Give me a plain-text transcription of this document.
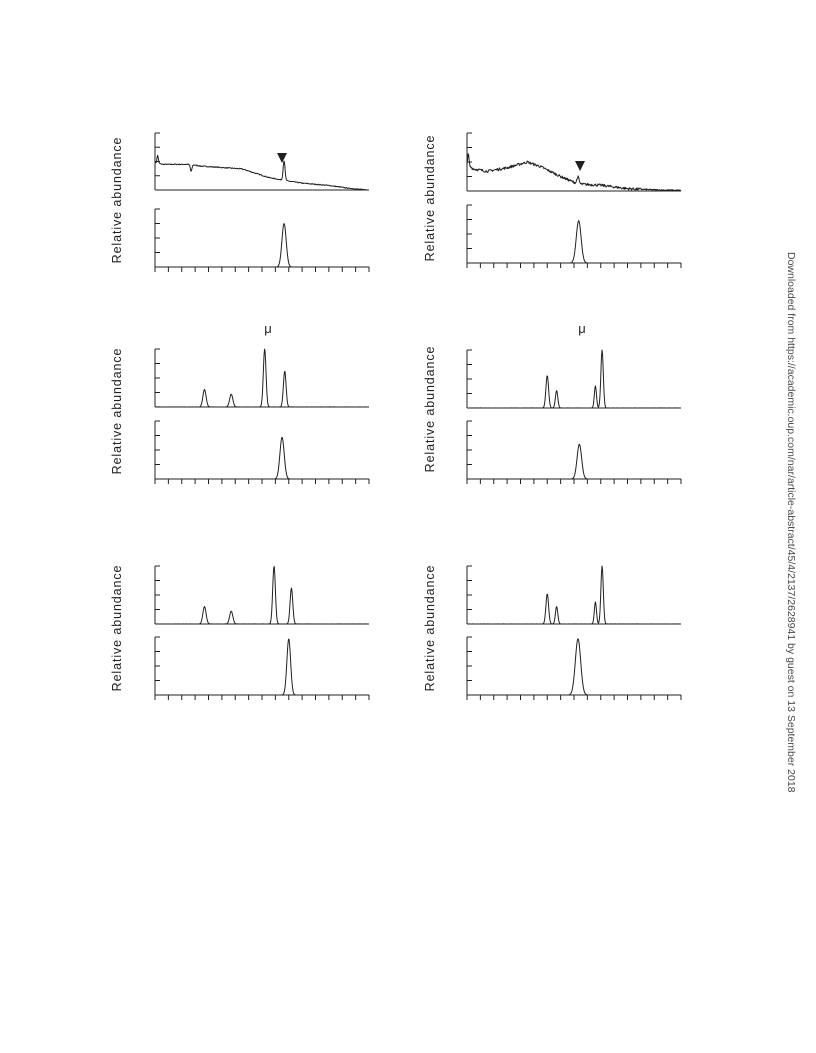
Relative abundance	Relative abundance
Relative abundance
μ
Relative abundance
μ
Relative abundance	Relative abundance	Downloaded from https://academic.oup.com/nar/article-abstract/45/4/2137/2628941 by guest on 13 September 2018
